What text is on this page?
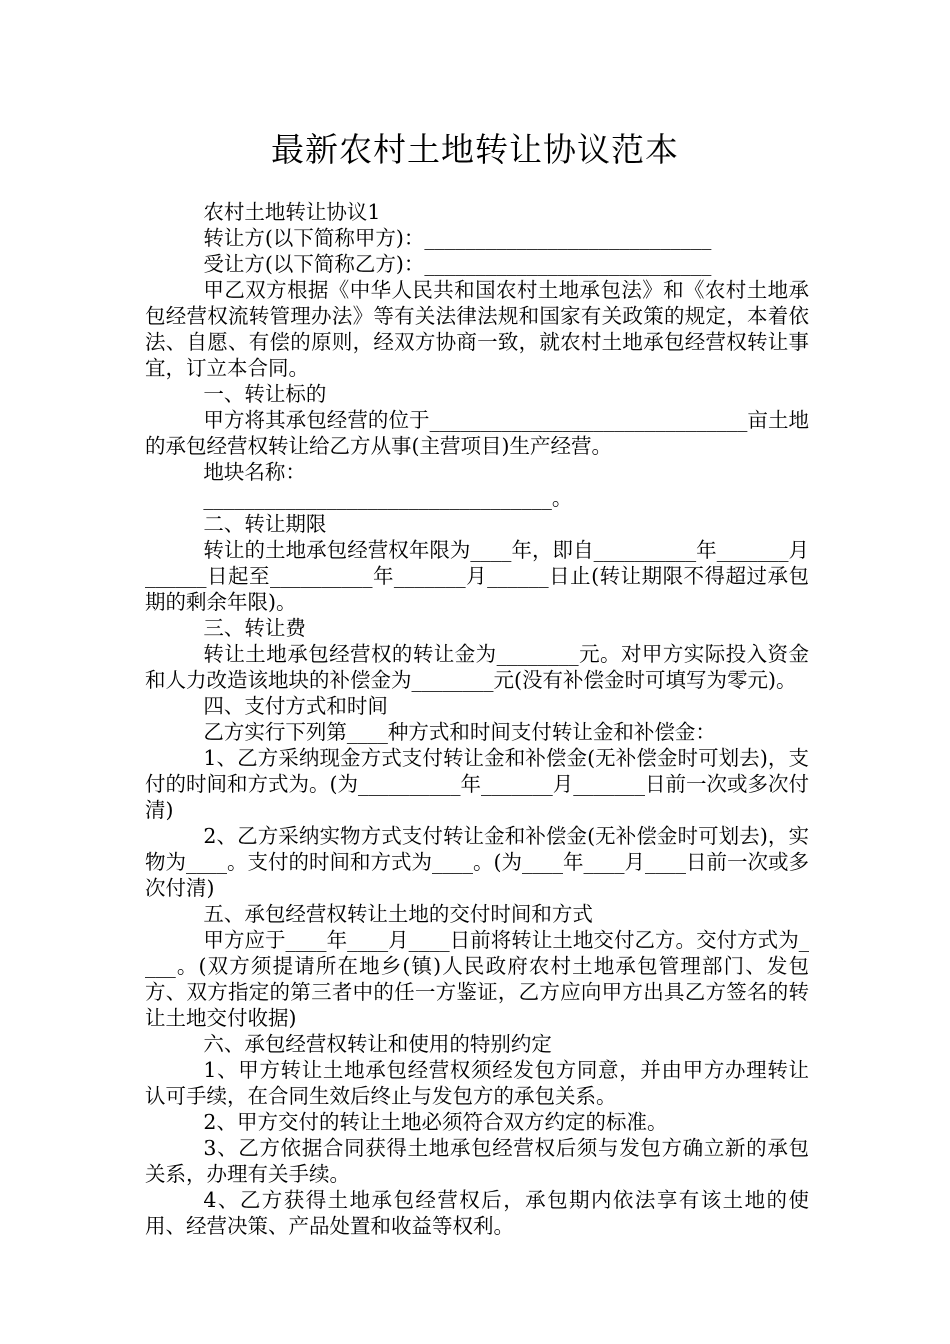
最新农村土地转让协议范本

农村土地转让协议1

转让方(以下简称甲方)：____________________________

受让方(以下简称乙方)：____________________________

甲乙双方根据《中华人民共和国农村土地承包法》和《农村土地承包经营权流转管理办法》等有关法律法规和国家有关政策的规定，本着依法、自愿、有偿的原则，经双方协商一致，就农村土地承包经营权转让事宜，订立本合同。

一、转让标的

甲方将其承包经营的位于_______________________________亩土地的承包经营权转让给乙方从事(主营项目)生产经营。

地块名称：

__________________________________。

二、转让期限

转让的土地承包经营权年限为____年，即自__________年_______月______日起至__________年_______月______日止(转让期限不得超过承包期的剩余年限)。

三、转让费

转让土地承包经营权的转让金为________元。对甲方实际投入资金和人力改造该地块的补偿金为________元(没有补偿金时可填写为零元)。

四、支付方式和时间

乙方实行下列第____种方式和时间支付转让金和补偿金：

1、乙方采纳现金方式支付转让金和补偿金(无补偿金时可划去)，支付的时间和方式为。(为__________年_______月_______日前一次或多次付清)

2、乙方采纳实物方式支付转让金和补偿金(无补偿金时可划去)，实物为____。支付的时间和方式为____。(为____年____月____日前一次或多次付清)

五、承包经营权转让土地的交付时间和方式

甲方应于____年____月____日前将转让土地交付乙方。交付方式为____。(双方须提请所在地乡(镇)人民政府农村土地承包管理部门、发包方、双方指定的第三者中的任一方鉴证，乙方应向甲方出具乙方签名的转让土地交付收据)

六、承包经营权转让和使用的特别约定

1、甲方转让土地承包经营权须经发包方同意，并由甲方办理转让认可手续，在合同生效后终止与发包方的承包关系。

2、甲方交付的转让土地必须符合双方约定的标准。

3、乙方依据合同获得土地承包经营权后须与发包方确立新的承包关系，办理有关手续。

4、乙方获得土地承包经营权后，承包期内依法享有该土地的使用、经营决策、产品处置和收益等权利。
